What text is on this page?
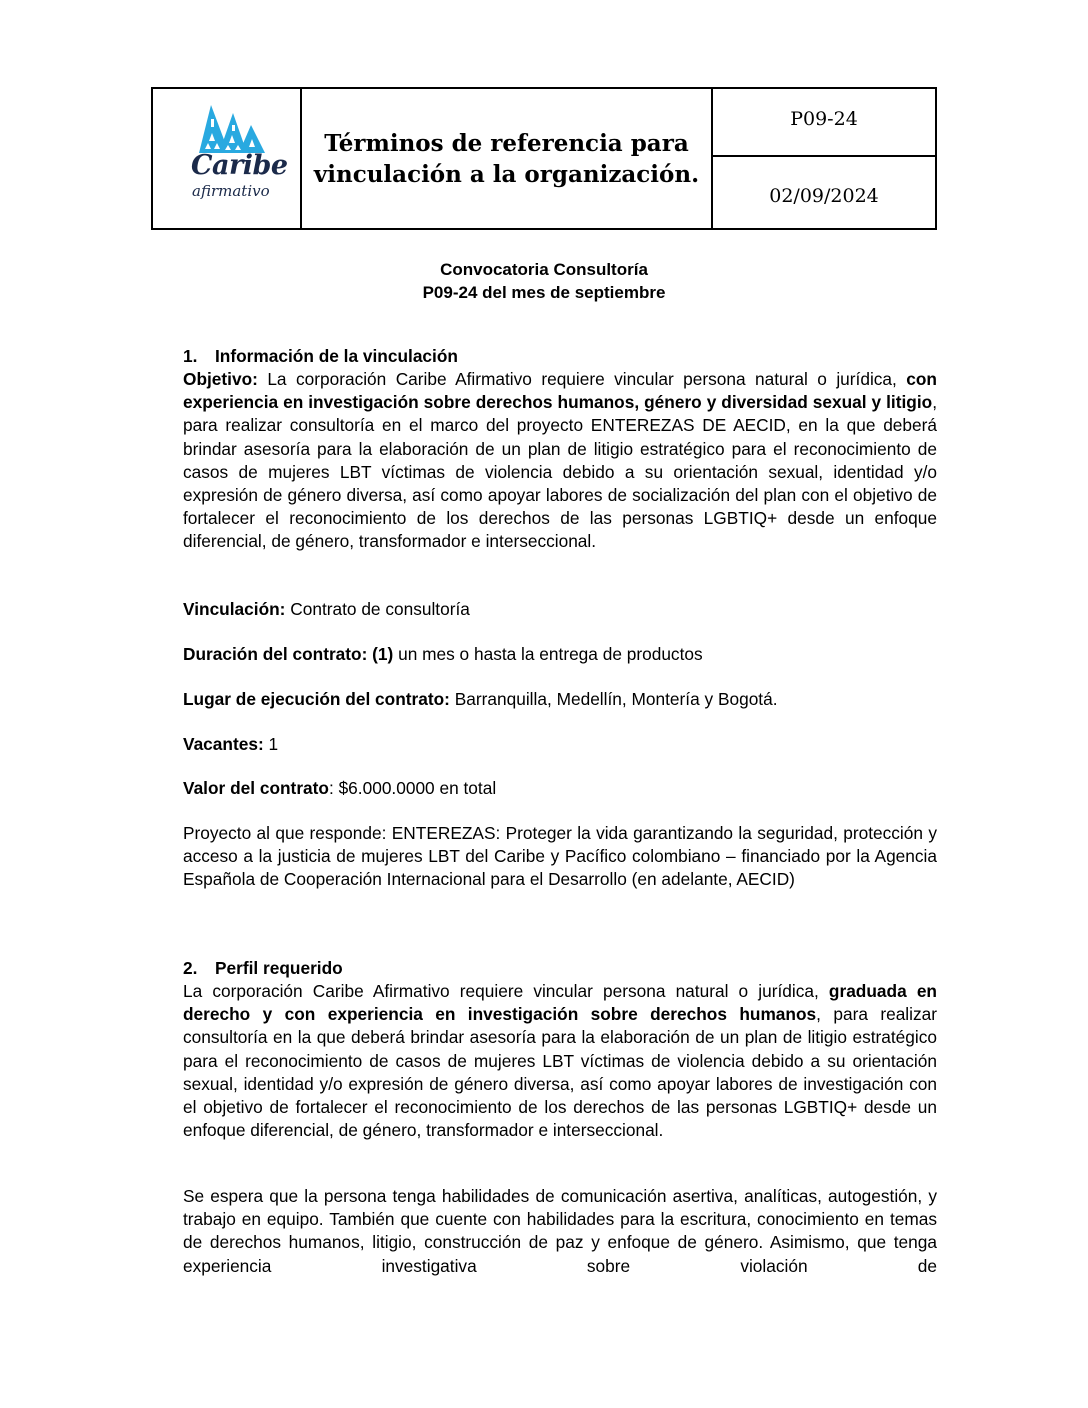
Caribe
afirmativo
Términos de referencia para
vinculación a la organización.
P09-24
02/09/2024
Convocatoria Consultoría
P09-24 del mes de septiembre
1. Información de la vinculación
Objetivo: La corporación Caribe Afirmativo requiere vincular persona natural o jurídica, con experiencia en investigación sobre derechos humanos, género y diversidad sexual y litigio, para realizar consultoría en el marco del proyecto ENTEREZAS DE AECID, en la que deberá brindar asesoría para la elaboración de un plan de litigio estratégico para el reconocimiento de casos de mujeres LBT víctimas de violencia debido a su orientación sexual, identidad y/o expresión de género diversa, así como apoyar labores de socialización del plan con el objetivo de fortalecer el reconocimiento de los derechos de las personas LGBTIQ+ desde un enfoque diferencial, de género, transformador e interseccional.
Vinculación: Contrato de consultoría
Duración del contrato: (1) un mes o hasta la entrega de productos
Lugar de ejecución del contrato: Barranquilla, Medellín, Montería y Bogotá.
Vacantes: 1
Valor del contrato: $6.000.0000 en total
Proyecto al que responde: ENTEREZAS: Proteger la vida garantizando la seguridad, protección y acceso a la justicia de mujeres LBT del Caribe y Pacífico colombiano – financiado por la Agencia Española de Cooperación Internacional para el Desarrollo (en adelante, AECID)
2. Perfil requerido
La corporación Caribe Afirmativo requiere vincular persona natural o jurídica, graduada en derecho y con experiencia en investigación sobre derechos humanos, para realizar consultoría en la que deberá brindar asesoría para la elaboración de un plan de litigio estratégico para el reconocimiento de casos de mujeres LBT víctimas de violencia debido a su orientación sexual, identidad y/o expresión de género diversa, así como apoyar labores de investigación con el objetivo de fortalecer el reconocimiento de los derechos de las personas LGBTIQ+ desde un enfoque diferencial, de género, transformador e interseccional.
Se espera que la persona tenga habilidades de comunicación asertiva, analíticas, autogestión, y trabajo en equipo. También que cuente con habilidades para la escritura, conocimiento en temas de derechos humanos, litigio, construcción de paz y enfoque de género. Asimismo, que tenga experiencia investigativa sobre violación de
